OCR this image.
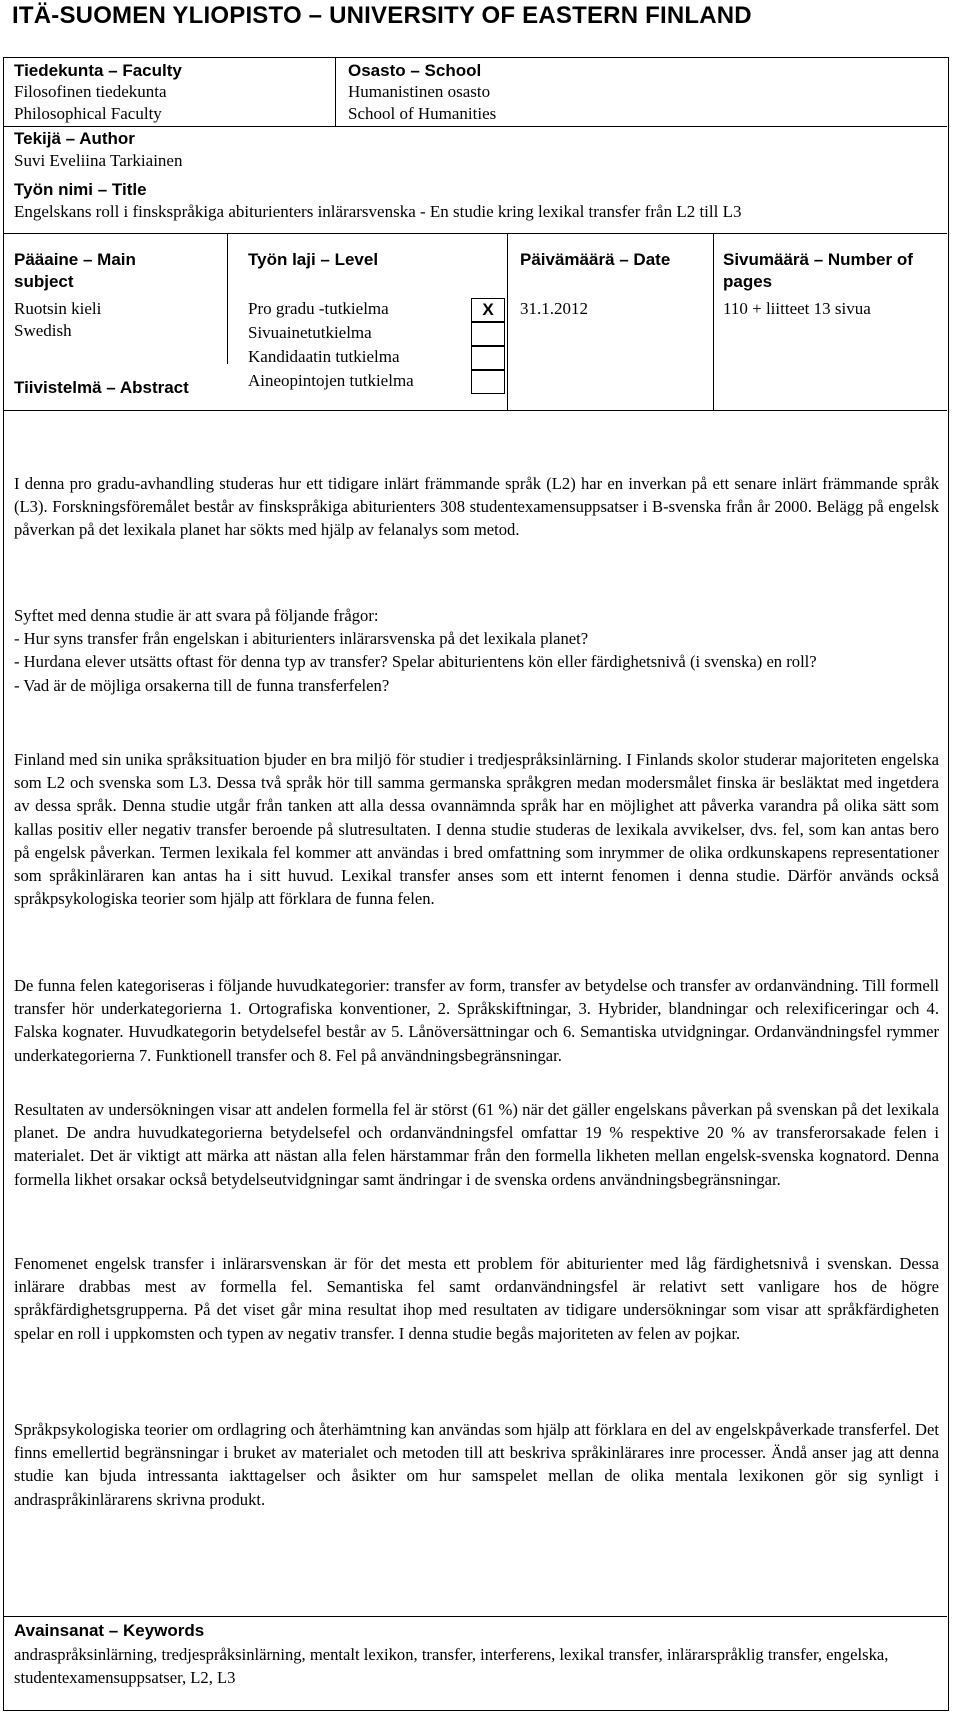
ITÄ-SUOMEN YLIOPISTO – UNIVERSITY OF EASTERN FINLAND
Tiedekunta – Faculty
Filosofinen tiedekunta
Philosophical Faculty
Osasto – School
Humanistinen osasto
School of Humanities
Tekijä – Author
Suvi Eveliina Tarkiainen
Työn nimi – Title
Engelskans roll i finskspråkiga abiturienters inlärarsvenska - En studie kring lexikal transfer från L2 till L3
Pääaine – Main
subject
Ruotsin kieli
Swedish
Työn laji – Level
Pro gradu -tutkielma
Sivuainetutkielma
Kandidaatin tutkielma
Aineopintojen tutkielma
X
Päivämäärä – Date
31.1.2012
Sivumäärä – Number of
pages
110 + liitteet 13 sivua
Tiivistelmä – Abstract

I denna pro gradu-avhandling studeras hur ett tidigare inlärt främmande språk (L2) har en inverkan på ett senare inlärt främmande språk (L3). Forskningsföremålet består av finskspråkiga abiturienters 308 studentexamensuppsatser i B-svenska från år 2000. Belägg på engelsk påverkan på det lexikala planet har sökts med hjälp av felanalys som metod.

Syftet med denna studie är att svara på följande frågor:

- Hur syns transfer från engelskan i abiturienters inlärarsvenska på det lexikala planet?

- Hurdana elever utsätts oftast för denna typ av transfer? Spelar abiturientens kön eller färdighetsnivå (i svenska) en roll?

- Vad är de möjliga orsakerna till de funna transferfelen?

Finland med sin unika språksituation bjuder en bra miljö för studier i tredjespråksinlärning. I Finlands skolor studerar majoriteten engelska som L2 och svenska som L3. Dessa två språk hör till samma germanska språkgren medan modersmålet finska är besläktat med ingetdera av dessa språk. Denna studie utgår från tanken att alla dessa ovannämnda språk har en möjlighet att påverka varandra på olika sätt som kallas positiv eller negativ transfer beroende på slutresultaten. I denna studie studeras de lexikala avvikelser, dvs. fel, som kan antas bero på engelsk påverkan. Termen lexikala fel kommer att användas i bred omfattning som inrymmer de olika ordkunskapens representationer som språkinläraren kan antas ha i sitt huvud. Lexikal transfer anses som ett internt fenomen i denna studie. Därför används också språkpsykologiska teorier som hjälp att förklara de funna felen.

De funna felen kategoriseras i följande huvudkategorier: transfer av form, transfer av betydelse och transfer av ordanvändning. Till formell transfer hör underkategorierna 1. Ortografiska konventioner, 2. Språkskiftningar, 3. Hybrider, blandningar och relexificeringar och 4. Falska kognater. Huvudkategorin betydelsefel består av 5. Lånöversättningar och 6. Semantiska utvidgningar. Ordanvändningsfel rymmer underkategorierna 7. Funktionell transfer och 8. Fel på användningsbegränsningar.

Resultaten av undersökningen visar att andelen formella fel är störst (61 %) när det gäller engelskans påverkan på svenskan på det lexikala planet. De andra huvudkategorierna betydelsefel och ordanvändningsfel omfattar 19 % respektive 20 % av transferorsakade felen i materialet. Det är viktigt att märka att nästan alla felen härstammar från den formella likheten mellan engelsk-svenska kognatord. Denna formella likhet orsakar också betydelseutvidgningar samt ändringar i de svenska ordens användningsbegränsningar.

Fenomenet engelsk transfer i inlärarsvenskan är för det mesta ett problem för abiturienter med låg färdighetsnivå i svenskan. Dessa inlärare drabbas mest av formella fel. Semantiska fel samt ordanvändningsfel är relativt sett vanligare hos de högre språkfärdighetsgrupperna. På det viset går mina resultat ihop med resultaten av tidigare undersökningar som visar att språkfärdigheten spelar en roll i uppkomsten och typen av negativ transfer. I denna studie begås majoriteten av felen av pojkar.

Språkpsykologiska teorier om ordlagring och återhämtning kan användas som hjälp att förklara en del av engelskpåverkade transferfel. Det finns emellertid begränsningar i bruket av materialet och metoden till att beskriva språkinlärares inre processer. Ändå anser jag att denna studie kan bjuda intressanta iakttagelser och åsikter om hur samspelet mellan de olika mentala lexikonen gör sig synligt i andraspråkinlärarens skrivna produkt.

Avainsanat – Keywords
andraspråksinlärning, tredjespråksinlärning, mentalt lexikon, transfer, interferens, lexikal transfer, inlärarspråklig transfer, engelska, studentexamensuppsatser, L2, L3
